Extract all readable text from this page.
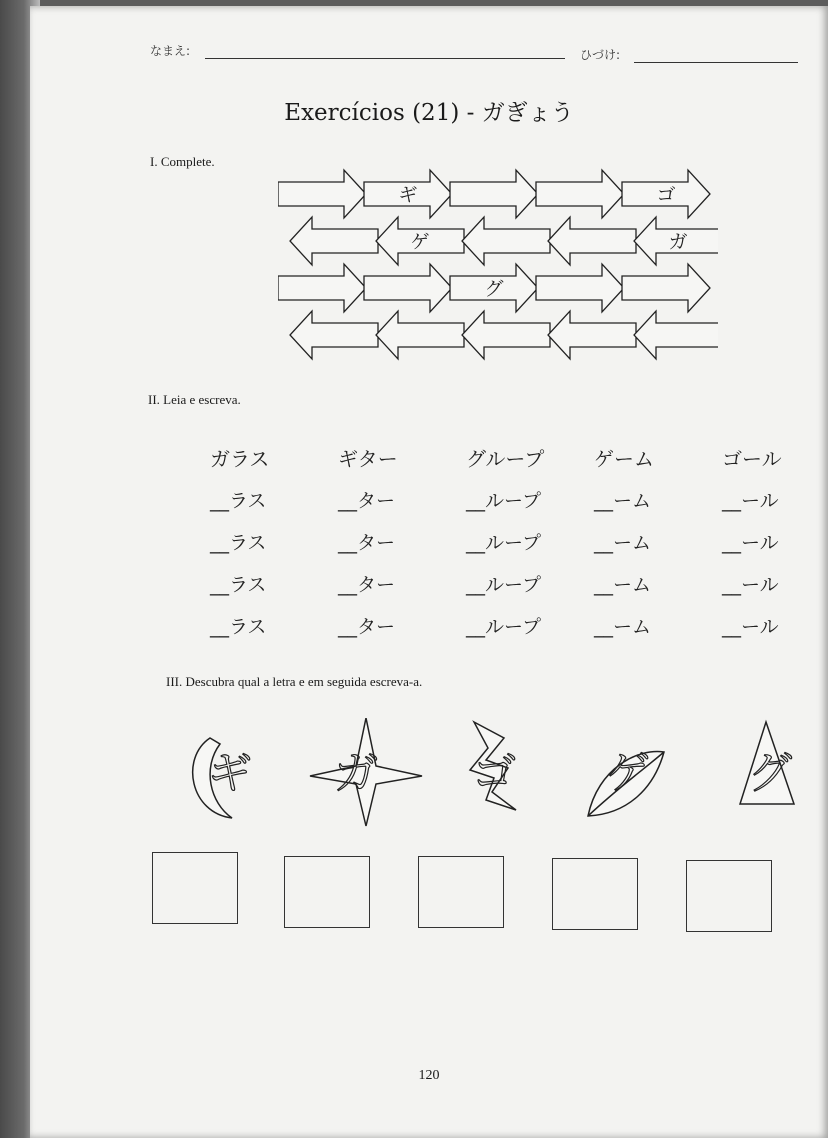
なまえ:	ひづけ:
Exercícios (21) - ガぎょう
I. Complete.
ギ	ゴ
ゲ	ガ
グ
II. Leia e escreva.
ガラス	ギター	グループ	ゲーム	ゴール
__ラス	__ター	__ループ	__ーム	__ール
__ラス	__ター	__ループ	__ーム	__ール
__ラス	__ター	__ループ	__ーム	__ール
__ラス	__ター	__ループ	__ーム	__ール
III. Descubra qual a letra e em seguida escreva-a.
ギ ガ ゴ ゲ グ
120
